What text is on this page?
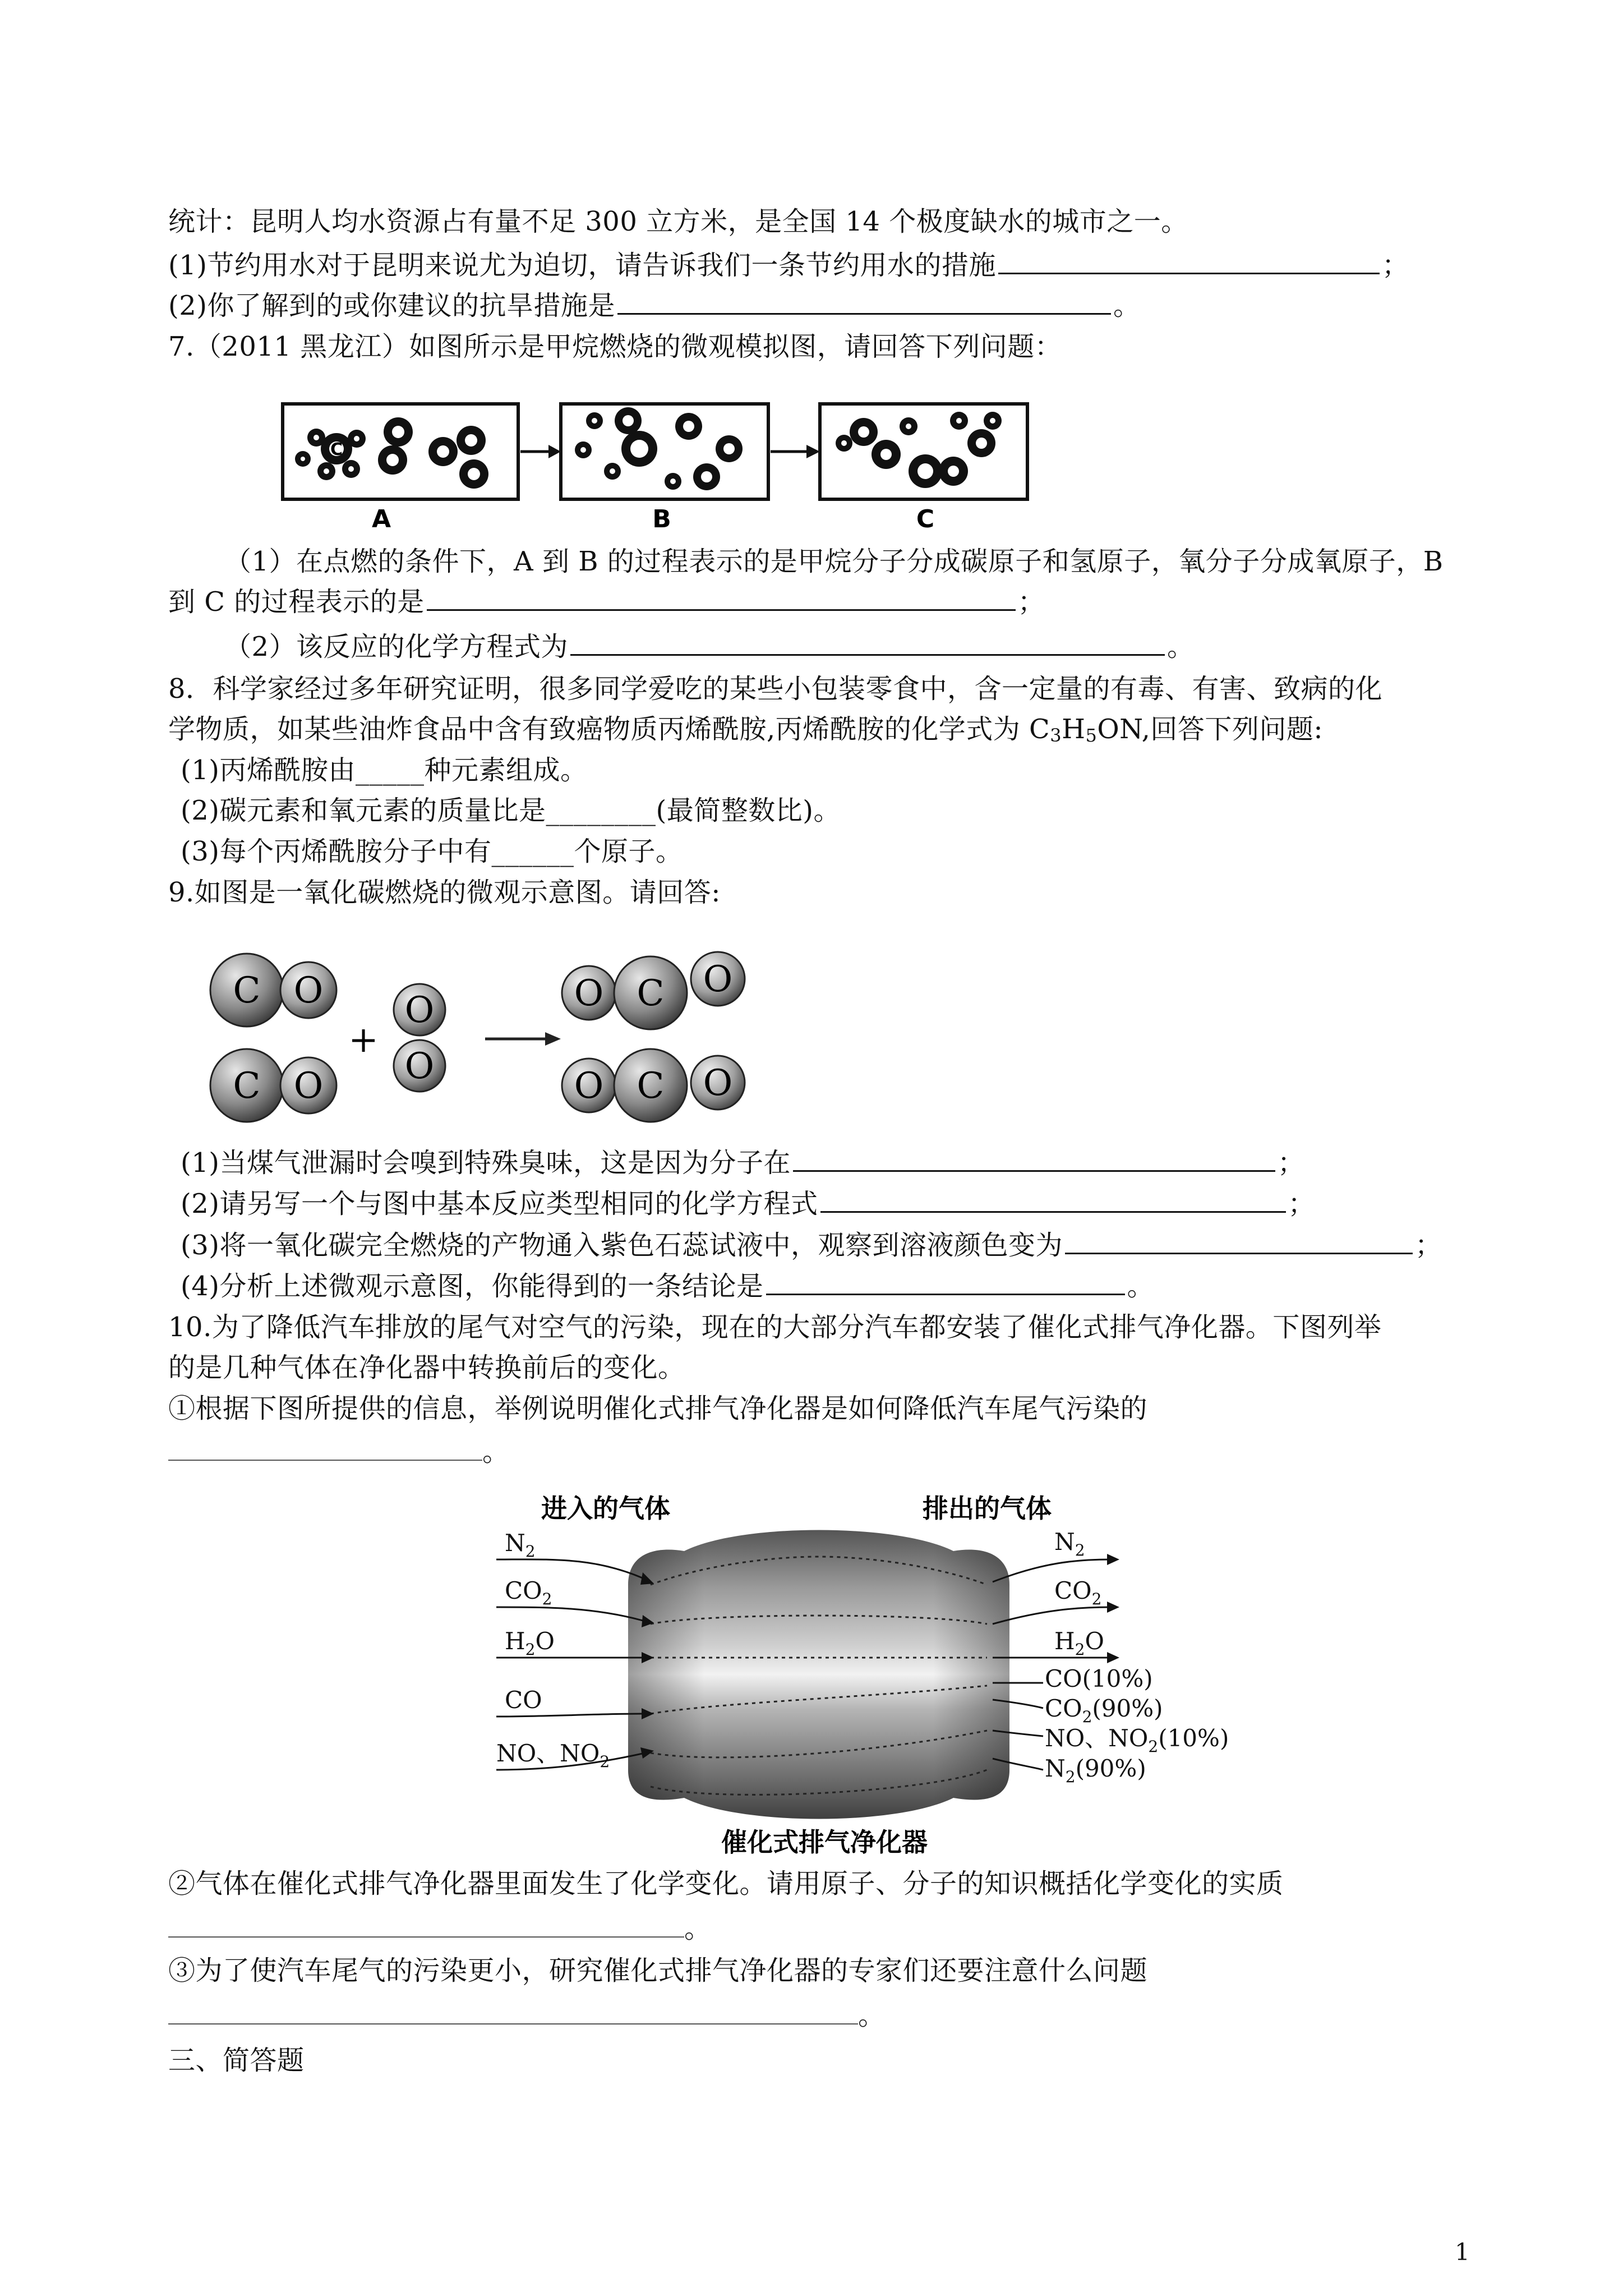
统计：昆明人均水资源占有量不足 300 立方米，是全国 14 个极度缺水的城市之一。
(1)节约用水对于昆明来说尤为迫切，请告诉我们一条节约用水的措施	；
(2)你了解到的或你建议的抗旱措施是	。
7.（2011 黑龙江）如图所示是甲烷燃烧的微观模拟图，请回答下列问题：
C
A	B	C
（1）在点燃的条件下，A 到 B 的过程表示的是甲烷分子分成碳原子和氢原子，氧分子分成氧原子，B
到 C 的过程表示的是	；
（2）该反应的化学方程式为	。
8．科学家经过多年研究证明，很多同学爱吃的某些小包装零食中，含一定量的有毒、有害、致病的化
学物质，如某些油炸食品中含有致癌物质丙烯酰胺,丙烯酰胺的化学式为 $C_3H_5ON$,回答下列问题:
(1)丙烯酰胺由_____种元素组成。
(2)碳元素和氧元素的质量比是________(最简整数比)。
(3)每个丙烯酰胺分子中有______个原子。
9.如图是一氧化碳燃烧的微观示意图。请回答:
C O
C O
+
O
O
O C O
O C O
(1)当煤气泄漏时会嗅到特殊臭味，这是因为分子在	；
(2)请另写一个与图中基本反应类型相同的化学方程式	；
(3)将一氧化碳完全燃烧的产物通入紫色石蕊试液中，观察到溶液颜色变为	；
(4)分析上述微观示意图，你能得到的一条结论是	。
10.为了降低汽车排放的尾气对空气的污染，现在的大部分汽车都安装了催化式排气净化器。下图列举
的是几种气体在净化器中转换前后的变化。
①根据下图所提供的信息，举例说明催化式排气净化器是如何降低汽车尾气污染的
。
进入的气体	排出的气体
$N_2$
$CO_2$
$H_2O$
CO
NO、$NO_2$
$N_2$
$CO_2$
$H_2O$
CO(10%)
$CO_2(90\%)$
NO、$NO_2(10\%)$
$N_2(90\%)$
催化式排气净化器
②气体在催化式排气净化器里面发生了化学变化。请用原子、分子的知识概括化学变化的实质
。
③为了使汽车尾气的污染更小，研究催化式排气净化器的专家们还要注意什么问题
。
三、简答题
1
